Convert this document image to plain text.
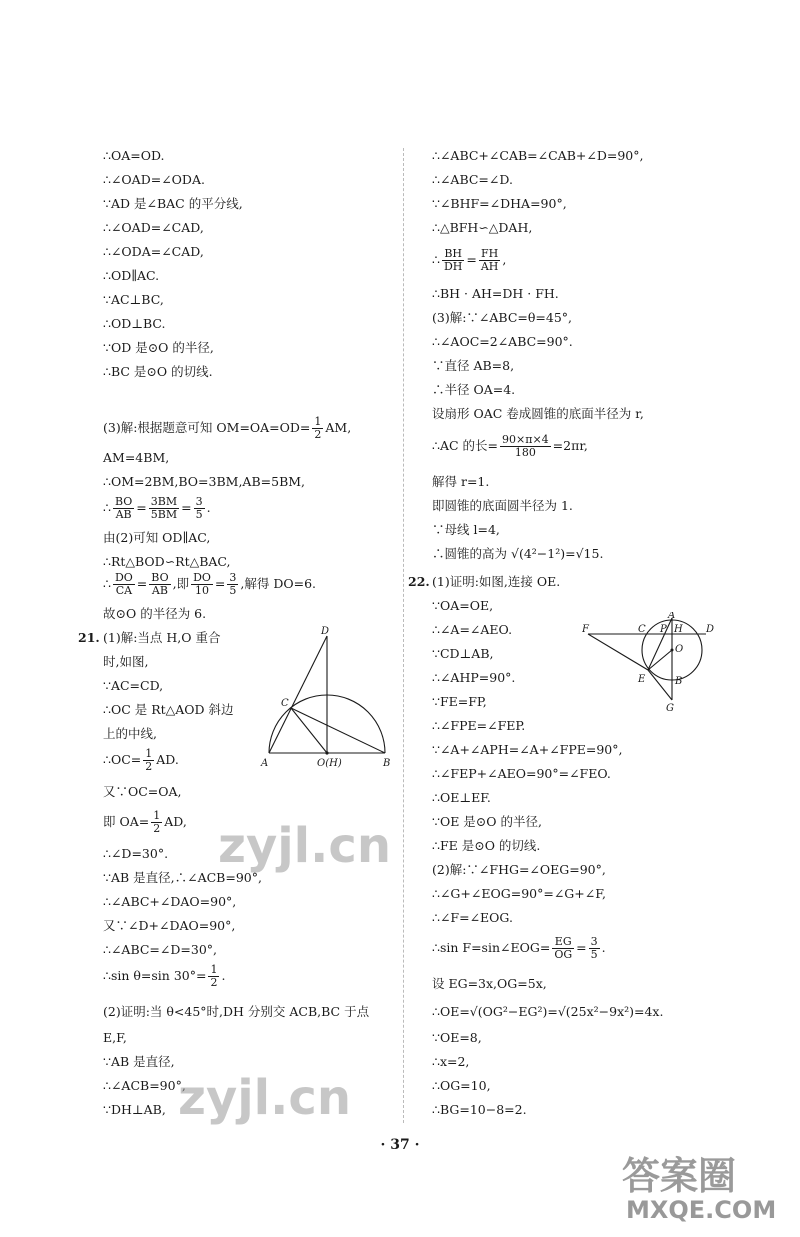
∴OA=OD.
∴∠OAD=∠ODA.
∵AD 是∠BAC 的平分线,
∴∠OAD=∠CAD,
∴∠ODA=∠CAD,
∴OD∥AC.
∵AC⊥BC,
∴OD⊥BC.
∵OD 是⊙O 的半径,
∴BC 是⊙O 的切线.
(3)解:根据题意可知 $OM=OA=OD= \frac{1}{2}$ AM,
AM=4BM,
∴OM=2BM,BO=3BM,AB=5BM,
∴ $\frac{BO}{AB} = \frac{3BM}{5BM} = \frac{3}{5}$ .
由(2)可知 OD∥AC,
∴Rt△BOD∽Rt△BAC,
∴ $\frac{DO}{CA} = \frac{BO}{AB}$ ,即 $\frac{DO}{10} = \frac{3}{5}$ ,解得 DO=6.
故⊙O 的半径为 6.
21. (1)解:当点 H,O 重合
时,如图,
∵AC=CD,
∴OC 是 Rt△AOD 斜边
上的中线,
∴OC= $\frac{1}{2}$ AD.
又∵OC=OA,
即 $OA= \frac{1}{2}$ AD,
∴∠D=30°.
∵AB 是直径,∴∠ACB=90°,
∴∠ABC+∠DAO=90°,
又∵∠D+∠DAO=90°,
∴∠ABC=∠D=30°,
∴sin θ=sin $30^\circ= \frac{1}{2}$ .
(2)证明:当 θ<45°时,DH 分别交 ACB,BC 于点
E,F,
∵AB 是直径,
∴∠ACB=90°,
∵DH⊥AB,
D
C
A	O(H)	B
∴∠ABC+∠CAB=∠CAB+∠D=90°,
∴∠ABC=∠D.
∵∠BHF=∠DHA=90°,
∴△BFH∽△DAH,
∴ $\frac{BH}{DH} = \frac{FH}{AH}$ ,
∴BH · AH=DH · FH.
(3)解:∵∠ABC=θ=45°,
∴∠AOC=2∠ABC=90°.
∵直径 AB=8,
∴半径 OA=4.
设扇形 OAC 卷成圆锥的底面半径为 r,
∴AC 的长= $\frac{90\times\pi\times 4}{180} =2\pi r$,
解得 r=1.
即圆锥的底面圆半径为 1.
∵母线 l=4,
∴圆锥的高为 √(4²−1²)=√15.
22. (1)证明:如图,连接 OE.
∵OA=OE,
∴∠A=∠AEO.
∵CD⊥AB,
∴∠AHP=90°.
∵FE=FP,
∴∠FPE=∠FEP.
∵∠A+∠APH=∠A+∠FPE=90°,
∴∠FEP+∠AEO=90°=∠FEO.
∴OE⊥EF.
∵OE 是⊙O 的半径,
∴FE 是⊙O 的切线.
(2)解:∵∠FHG=∠OEG=90°,
∴∠G+∠EOG=90°=∠G+∠F,
∴∠F=∠EOG.
∴sin F=sin∠EOG= $\frac{EG}{OG} = \frac{3}{5}$ .
设 EG=3x,OG=5x,
∴OE=√(OG²−EG²)=√(25x²−9x²)=4x.
∵OE=8,
∴x=2,
∴OG=10,
∴BG=10−8=2.
F	C P H D
A
O
E	B
G
· 37 ·
zyjl.cn
zyjl.cn
答案圈
MXQE.COM
